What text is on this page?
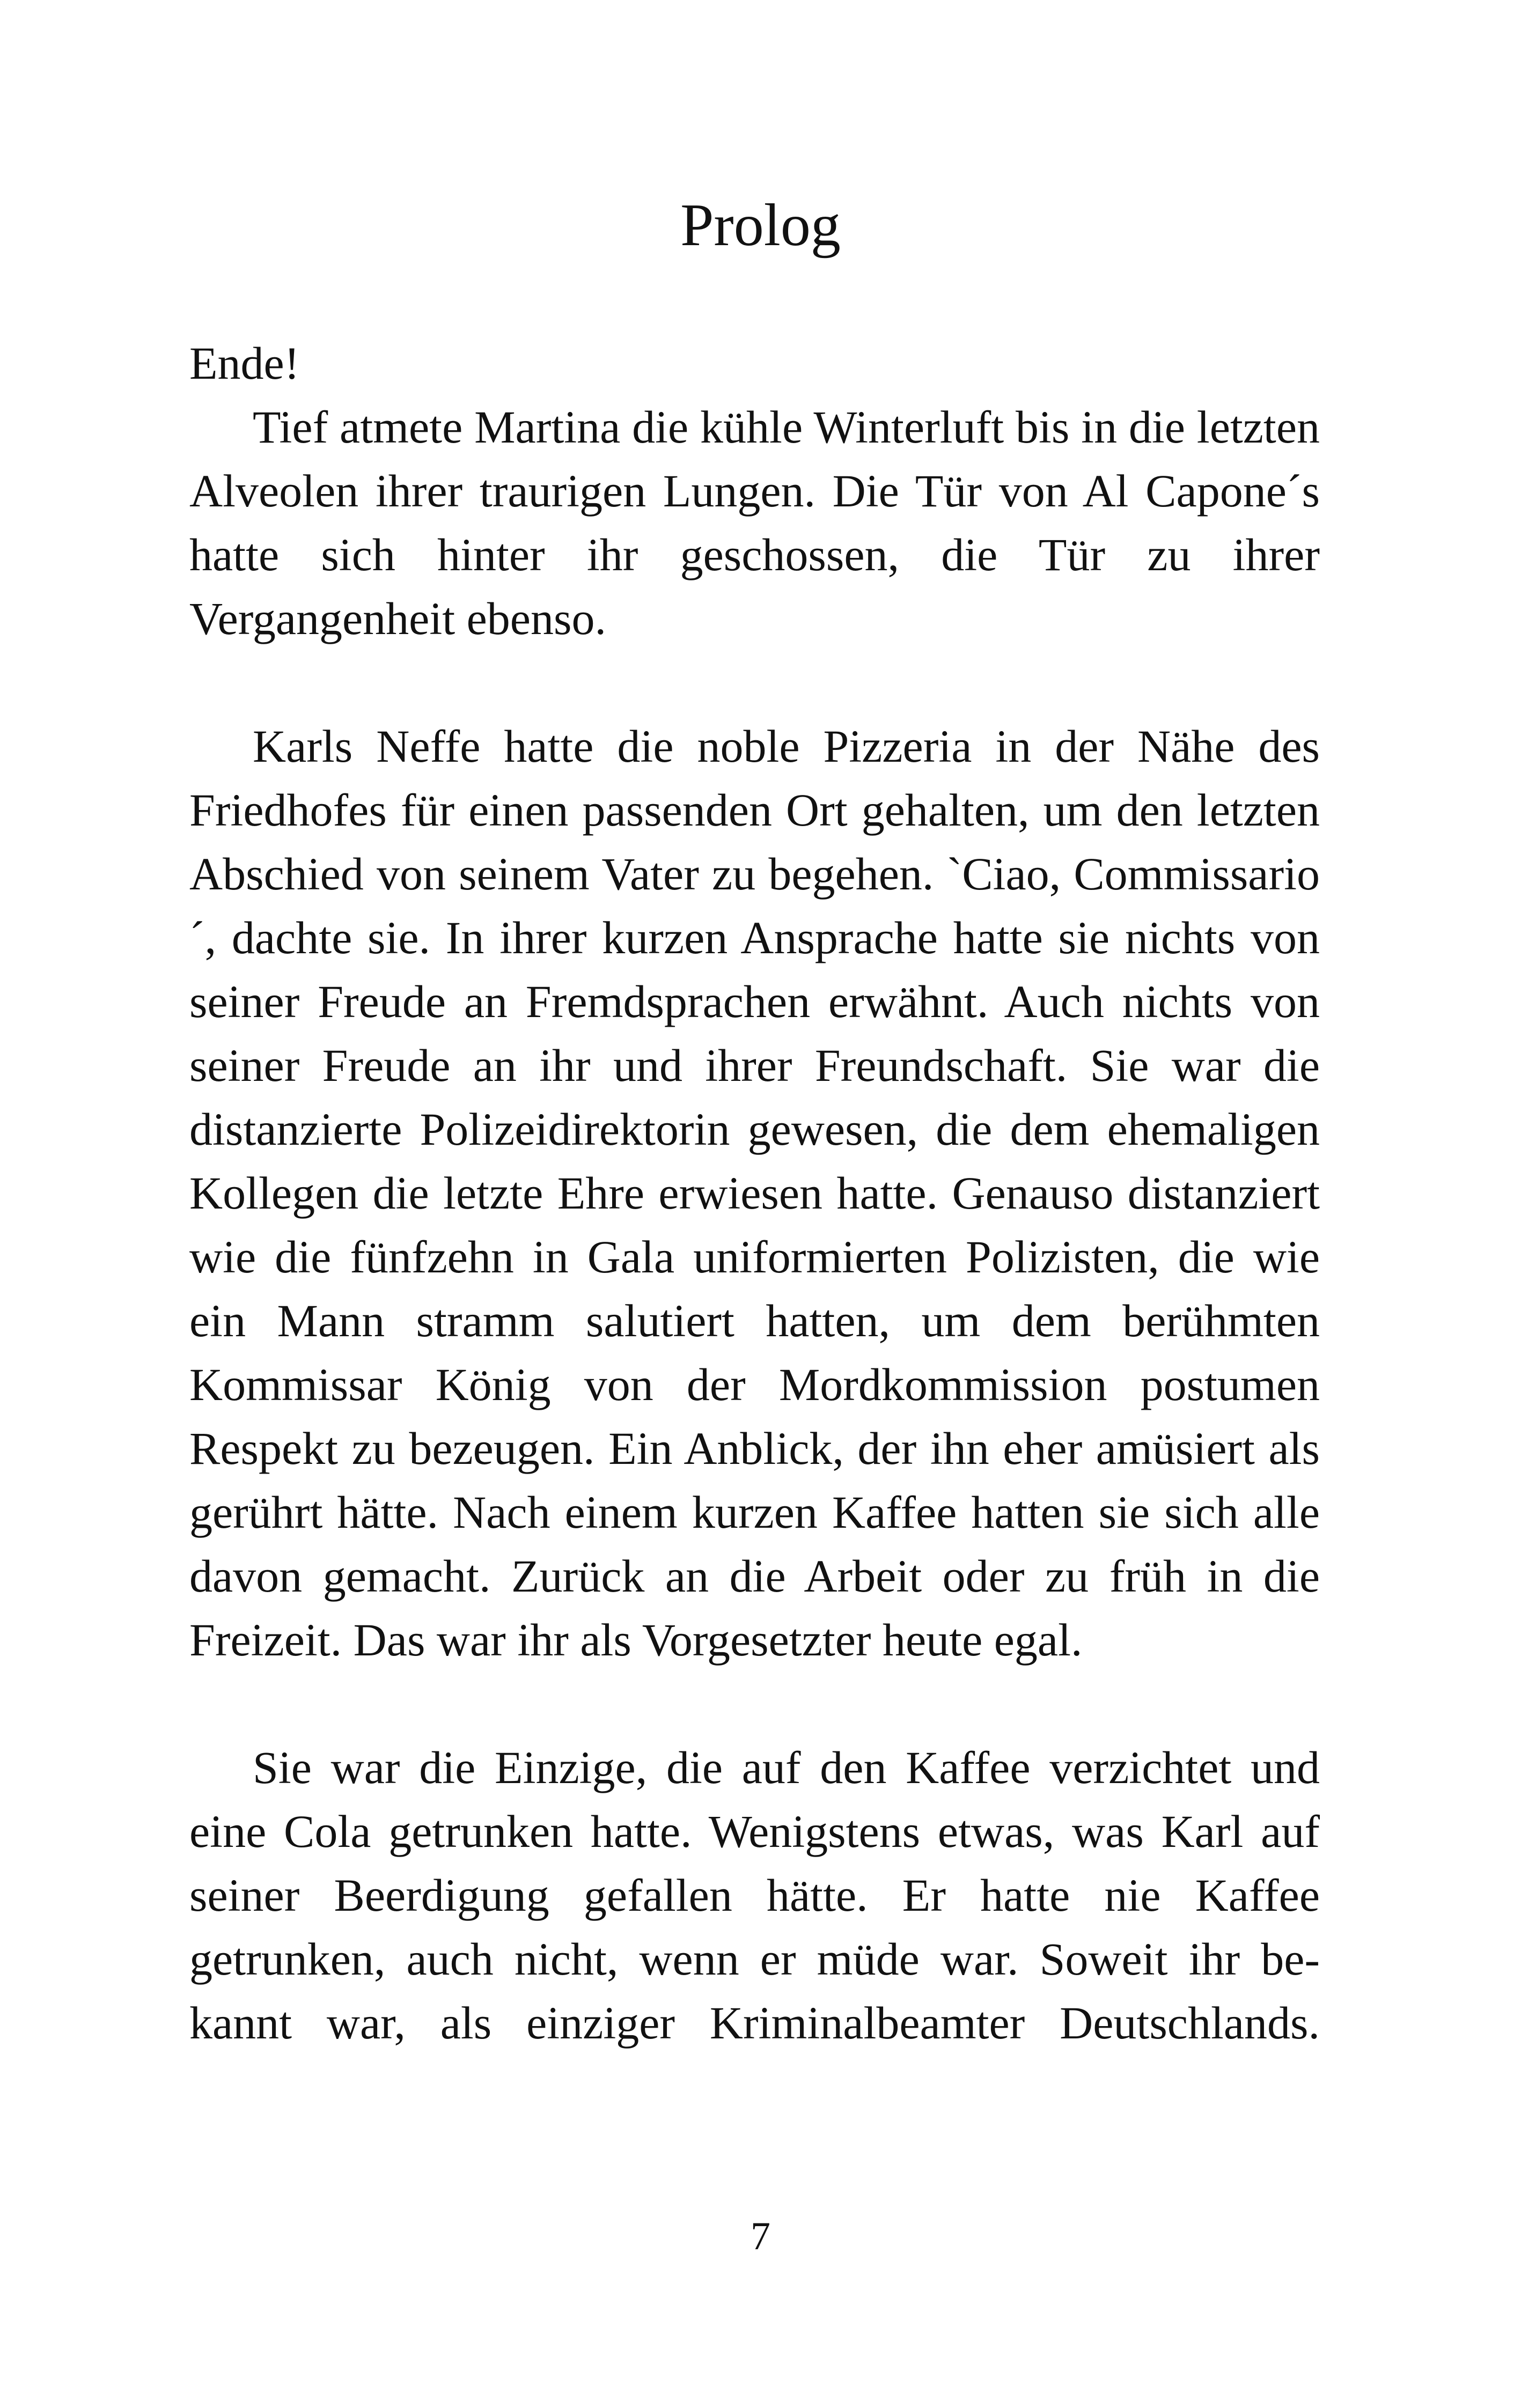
Prolog

Ende!

Tief atmete Martina die kühle Winterluft bis in die letzten Alveolen ihrer traurigen Lungen. Die Tür von Al Capone´s hatte sich hinter ihr geschossen, die Tür zu ihrer Vergangenheit ebenso.

Karls Neffe hatte die noble Pizzeria in der Nähe des Friedhofes für einen passenden Ort gehalten, um den letzten Abschied von seinem Vater zu begehen. `Ciao, Commissario´, dachte sie. In ihrer kurzen Ansprache hatte sie nichts von seiner Freude an Fremdsprachen erwähnt. Auch nichts von seiner Freude an ihr und ihrer Freundschaft. Sie war die distanzierte Polizeidirektorin gewesen, die dem ehemaligen Kollegen die letzte Ehre erwiesen hatte. Genauso distanziert wie die fünfzehn in Gala uniformierten Polizisten, die wie ein Mann stramm salutiert hatten, um dem berühmten Kommissar König von der Mordkommission postumen Respekt zu bezeugen. Ein Anblick, der ihn eher amüsiert als gerührt hätte. Nach einem kurzen Kaffee hatten sie sich alle davon gemacht. Zurück an die Arbeit oder zu früh in die Freizeit. Das war ihr als Vorgesetzter heute egal.

Sie war die Einzige, die auf den Kaffee verzichtet und eine Cola getrunken hatte. Wenigstens etwas, was Karl auf seiner Beerdigung gefallen hätte. Er hatte nie Kaffee getrunken, auch nicht, wenn er müde war. Soweit ihr bekannt war, als einziger Kriminalbeamter Deutschlands.

7
